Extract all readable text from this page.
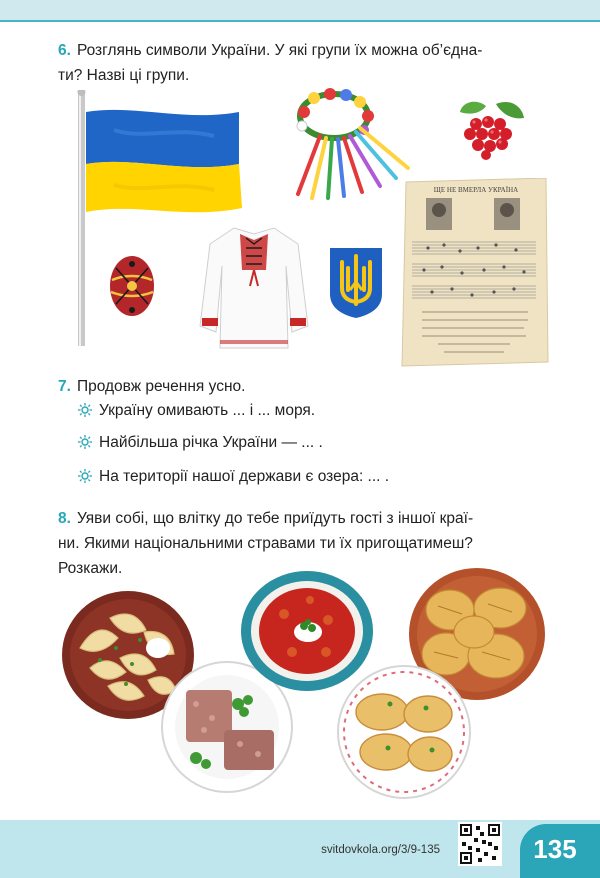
6. Розглянь символи України. У які групи їх можна об’єдна-
ти? Назві ці групи.
ЩЕ НЕ ВМЕРЛА УКРАЇНА
7. Продовж речення усно.
Україну омивають ... і ... моря.
Найбільша річка України — ... .
На території нашої держави є озера: ... .
8. Уяви собі, що влітку до тебе приїдуть гості з іншої краї-
ни. Якими національними стравами ти їх пригощатимеш?
Розкажи.
svitdovkola.org/3/9-135	135
